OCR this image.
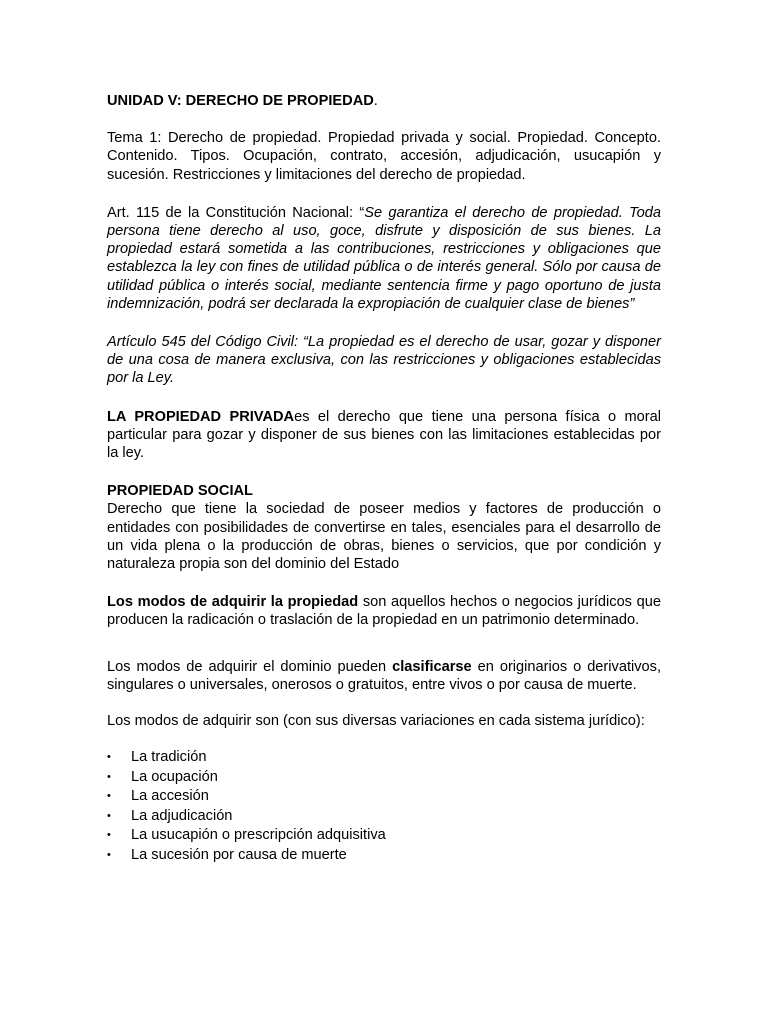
UNIDAD V: DERECHO DE PROPIEDAD.

Tema 1: Derecho de propiedad. Propiedad privada y social. Propiedad. Concepto. Contenido. Tipos. Ocupación, contrato, accesión, adjudicación, usucapión y sucesión. Restricciones y limitaciones del derecho de propiedad.

Art. 115 de la Constitución Nacional: “Se garantiza el derecho de propiedad. Toda persona tiene derecho al uso, goce, disfrute y disposición de sus bienes. La propiedad estará sometida a las contribuciones, restricciones y obligaciones que establezca la ley con fines de utilidad pública o de interés general. Sólo por causa de utilidad pública o interés social, mediante sentencia firme y pago oportuno de justa indemnización, podrá ser declarada la expropiación de cualquier clase de bienes”

Artículo 545 del Código Civil: “La propiedad es el derecho de usar, gozar y disponer de una cosa de manera exclusiva, con las restricciones y obligaciones establecidas por la Ley.

LA PROPIEDAD PRIVADAes el derecho que tiene una persona física o moral particular para gozar y disponer de sus bienes con las limitaciones establecidas por la ley.

PROPIEDAD SOCIAL

Derecho que tiene la sociedad de poseer medios y factores de producción o entidades con posibilidades de convertirse en tales, esenciales para el desarrollo de un vida plena o la producción de obras, bienes o servicios, que por condición y naturaleza propia son del dominio del Estado

Los modos de adquirir la propiedad son aquellos hechos o negocios jurídicos que producen la radicación o traslación de la propiedad en un patrimonio determinado.

Los modos de adquirir el dominio pueden clasificarse en originarios o derivativos, singulares o universales, onerosos o gratuitos, entre vivos o por causa de muerte.

Los modos de adquirir son (con sus diversas variaciones en cada sistema jurídico):

• La tradición
• La ocupación
• La accesión
• La adjudicación
• La usucapión o prescripción adquisitiva
• La sucesión por causa de muerte
